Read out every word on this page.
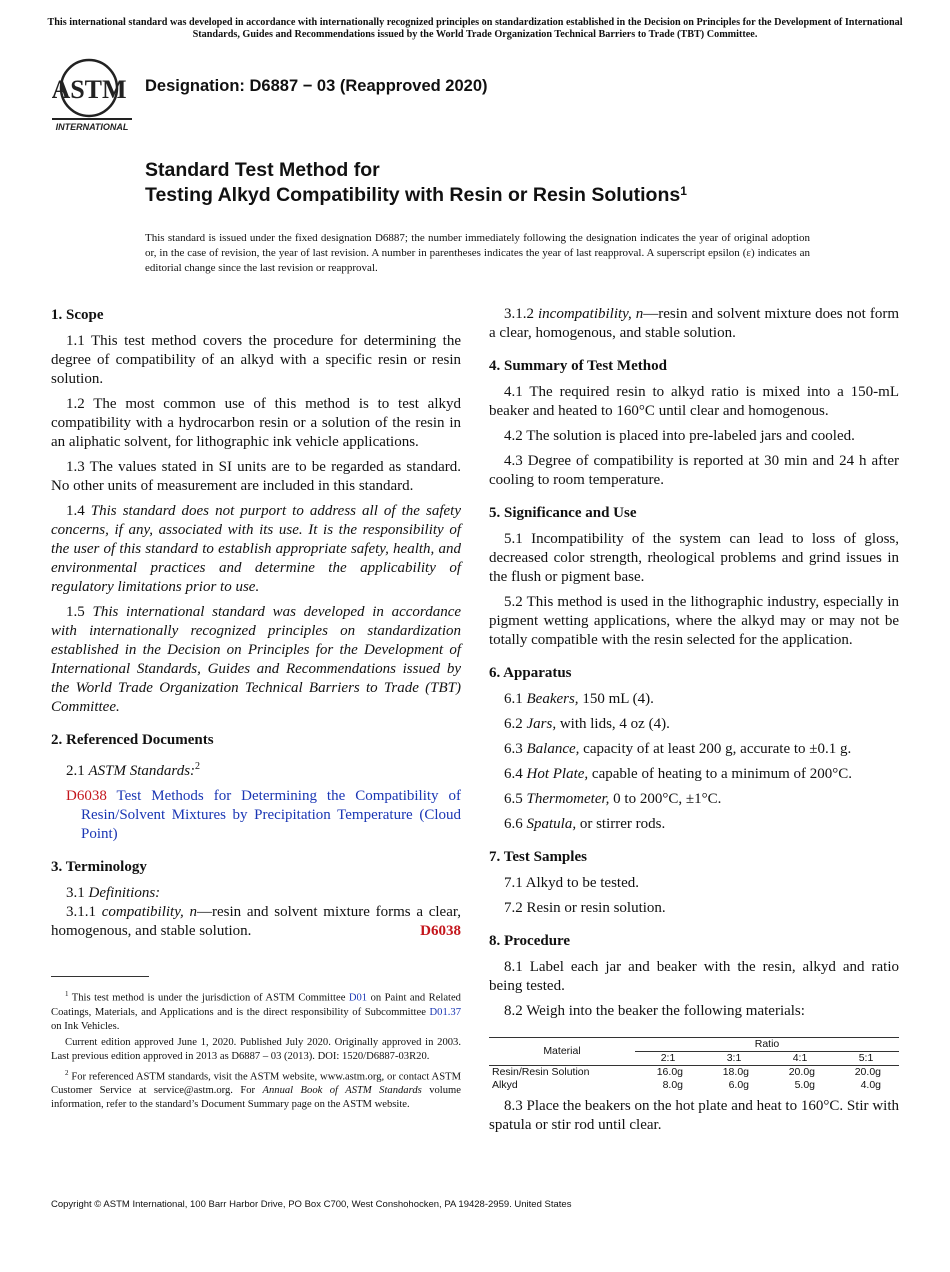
This international standard was developed in accordance with internationally recognized principles on standardization established in the Decision on Principles for the Development of International Standards, Guides and Recommendations issued by the World Trade Organization Technical Barriers to Trade (TBT) Committee.
ASTM
INTERNATIONAL
Designation: D6887 − 03 (Reapproved 2020)
Standard Test Method for
Testing Alkyd Compatibility with Resin or Resin Solutions$^1$
This standard is issued under the fixed designation D6887; the number immediately following the designation indicates the year of original adoption or, in the case of revision, the year of last revision. A number in parentheses indicates the year of last reapproval. A superscript epsilon (ε) indicates an editorial change since the last revision or reapproval.

1. Scope

1.1 This test method covers the procedure for determining the degree of compatibility of an alkyd with a specific resin or resin solution.

1.2 The most common use of this method is to test alkyd compatibility with a hydrocarbon resin or a solution of the resin in an aliphatic solvent, for lithographic ink vehicle applications.

1.3 The values stated in SI units are to be regarded as standard. No other units of measurement are included in this standard.

1.4 This standard does not purport to address all of the safety concerns, if any, associated with its use. It is the responsibility of the user of this standard to establish appropriate safety, health, and environmental practices and determine the applicability of regulatory limitations prior to use.

1.5 This international standard was developed in accordance with internationally recognized principles on standardization established in the Decision on Principles for the Development of International Standards, Guides and Recommendations issued by the World Trade Organization Technical Barriers to Trade (TBT) Committee.

2. Referenced Documents

2.1 ASTM Standards:$^2$

D6038 Test Methods for Determining the Compatibility of Resin/Solvent Mixtures by Precipitation Temperature (Cloud Point)

3. Terminology

3.1 Definitions:

3.1.1 compatibility, n—resin and solvent mixture forms a clear, homogenous, and stable solution.	D6038

$^1$ This test method is under the jurisdiction of ASTM Committee D01 on Paint and Related Coatings, Materials, and Applications and is the direct responsibility of Subcommittee D01.37 on Ink Vehicles.

Current edition approved June 1, 2020. Published July 2020. Originally approved in 2003. Last previous edition approved in 2013 as D6887 – 03 (2013). DOI: 1520/D6887-03R20.

$^2$ For referenced ASTM standards, visit the ASTM website, www.astm.org, or contact ASTM Customer Service at service@astm.org. For Annual Book of ASTM Standards volume information, refer to the standard’s Document Summary page on the ASTM website.

3.1.2 incompatibility, n—resin and solvent mixture does not form a clear, homogenous, and stable solution.

4. Summary of Test Method

4.1 The required resin to alkyd ratio is mixed into a 150-mL beaker and heated to 160°C until clear and homogenous.

4.2 The solution is placed into pre-labeled jars and cooled.

4.3 Degree of compatibility is reported at 30 min and 24 h after cooling to room temperature.

5. Significance and Use

5.1 Incompatibility of the system can lead to loss of gloss, decreased color strength, rheological problems and grind issues in the flush or pigment base.

5.2 This method is used in the lithographic industry, especially in pigment wetting applications, where the alkyd may or may not be totally compatible with the resin selected for the application.

6. Apparatus

6.1 Beakers, 150 mL (4).

6.2 Jars, with lids, 4 oz (4).

6.3 Balance, capacity of at least 200 g, accurate to ±0.1 g.

6.4 Hot Plate, capable of heating to a minimum of 200°C.

6.5 Thermometer, 0 to 200°C, ±1°C.

6.6 Spatula, or stirrer rods.

7. Test Samples

7.1 Alkyd to be tested.

7.2 Resin or resin solution.

8. Procedure

8.1 Label each jar and beaker with the resin, alkyd and ratio being tested.

8.2 Weigh into the beaker the following materials:

Material	Ratio			
	2:1	3:1	4:1	5:1
Resin/Resin Solution	16.0g	18.0g	20.0g	20.0g
Alkyd	8.0g	6.0g	5.0g	4.0g

8.3 Place the beakers on the hot plate and heat to 160°C. Stir with spatula or stir rod until clear.

Copyright © ASTM International, 100 Barr Harbor Drive, PO Box C700, West Conshohocken, PA 19428-2959. United States
